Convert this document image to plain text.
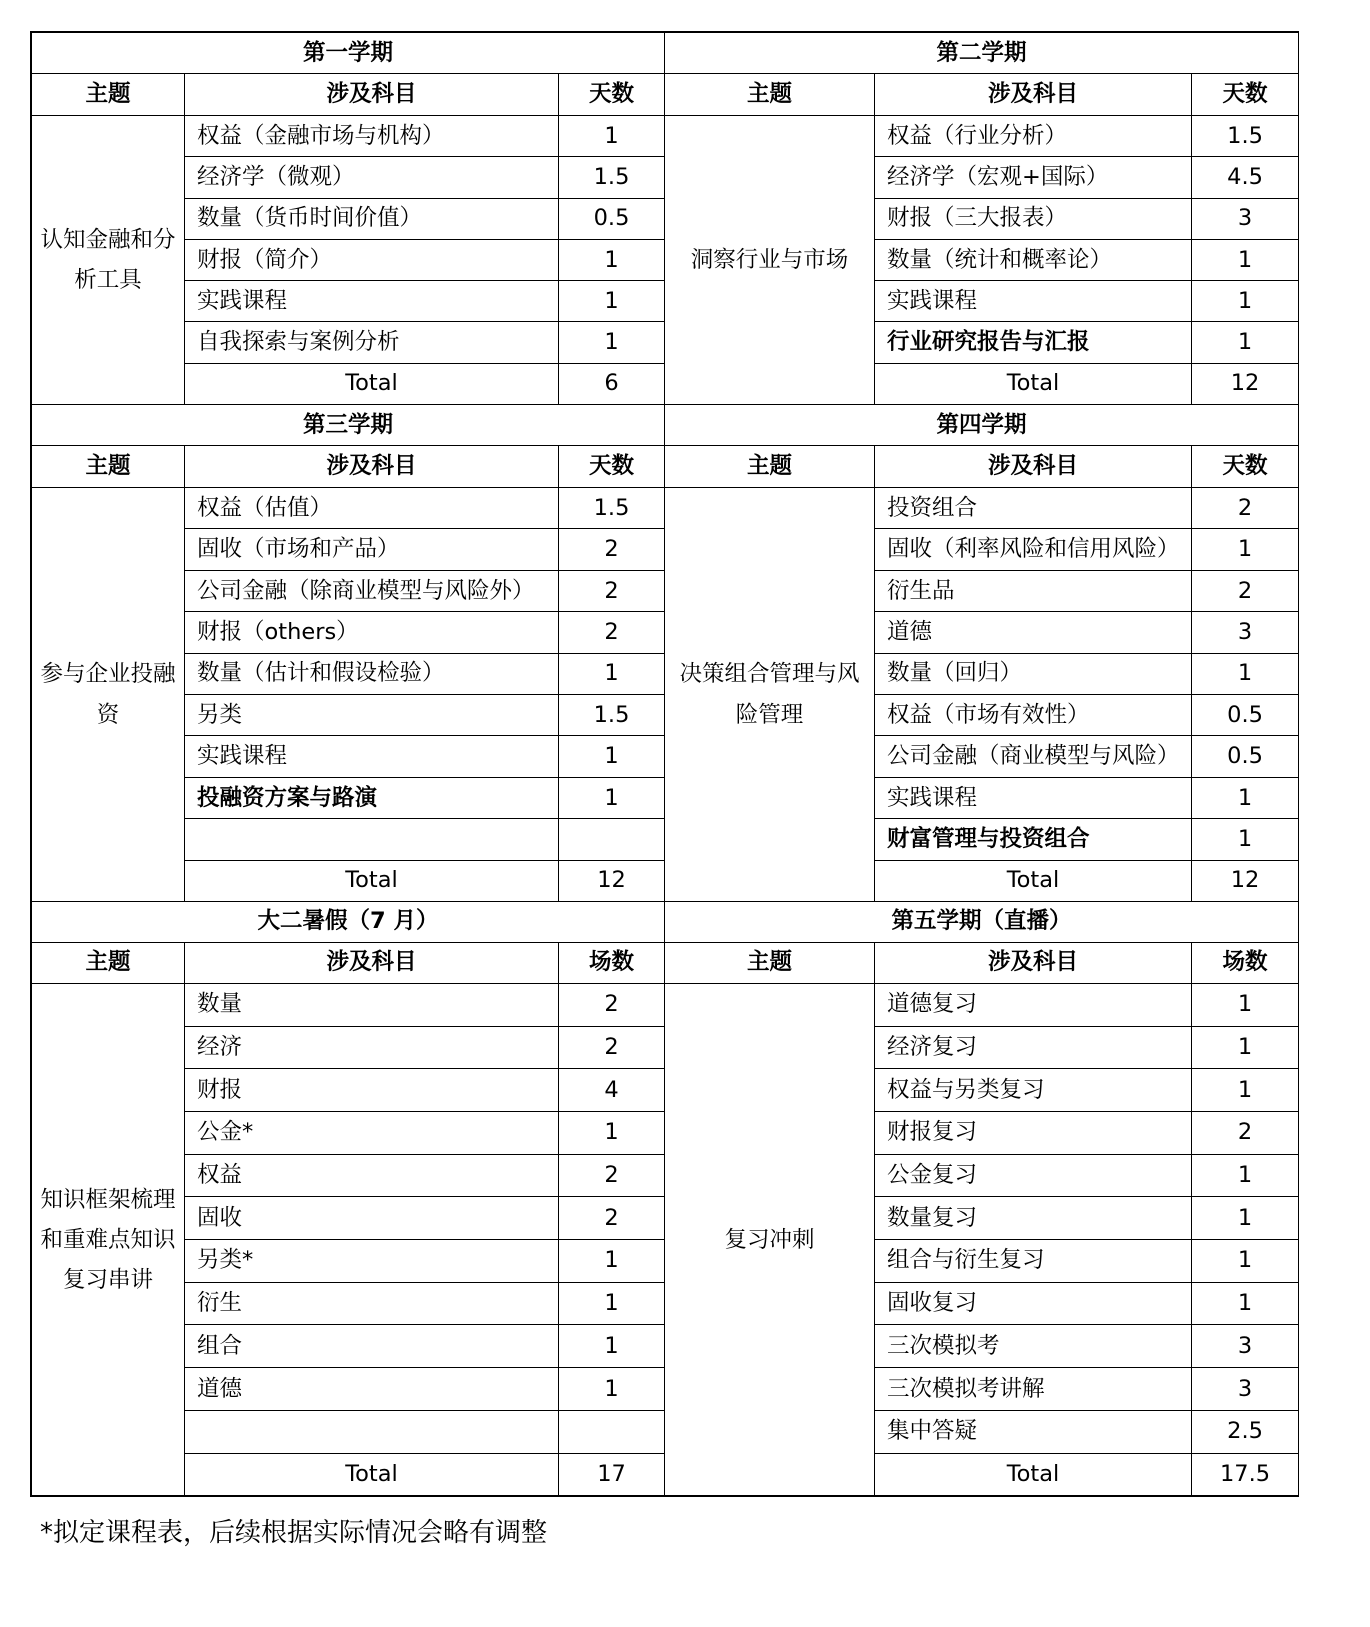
第一学期			第二学期		
主题	涉及科目	天数	主题	涉及科目	天数
认知金融和分析工具	权益（金融市场与机构）	1	洞察行业与市场	权益（行业分析）	1.5
	经济学（微观）	1.5		经济学（宏观+国际）	4.5
	数量（货币时间价值）	0.5		财报（三大报表）	3
	财报（简介）	1		数量（统计和概率论）	1
	实践课程	1		实践课程	1
	自我探索与案例分析	1		行业研究报告与汇报	1
	Total	6		Total	12
第三学期			第四学期		
主题	涉及科目	天数	主题	涉及科目	天数
参与企业投融资	权益（估值）	1.5	决策组合管理与风险管理	投资组合	2
	固收（市场和产品）	2		固收（利率风险和信用风险）	1
	公司金融（除商业模型与风险外）	2		衍生品	2
	财报（others）	2		道德	3
	数量（估计和假设检验）	1		数量（回归）	1
	另类	1.5		权益（市场有效性）	0.5
	实践课程	1		公司金融（商业模型与风险）	0.5
	投融资方案与路演	1		实践课程	1
				财富管理与投资组合	1
	Total	12		Total	12
大二暑假（7 月）			第五学期（直播）		
主题	涉及科目	场数	主题	涉及科目	场数
知识框架梳理和重难点知识复习串讲	数量	2	复习冲刺	道德复习	1
	经济	2		经济复习	1
	财报	4		权益与另类复习	1
	公金*	1		财报复习	2
	权益	2		公金复习	1
	固收	2		数量复习	1
	另类*	1		组合与衍生复习	1
	衍生	1		固收复习	1
	组合	1		三次模拟考	3
	道德	1		三次模拟考讲解	3
				集中答疑	2.5
	Total	17		Total	17.5
*拟定课程表，后续根据实际情况会略有调整
